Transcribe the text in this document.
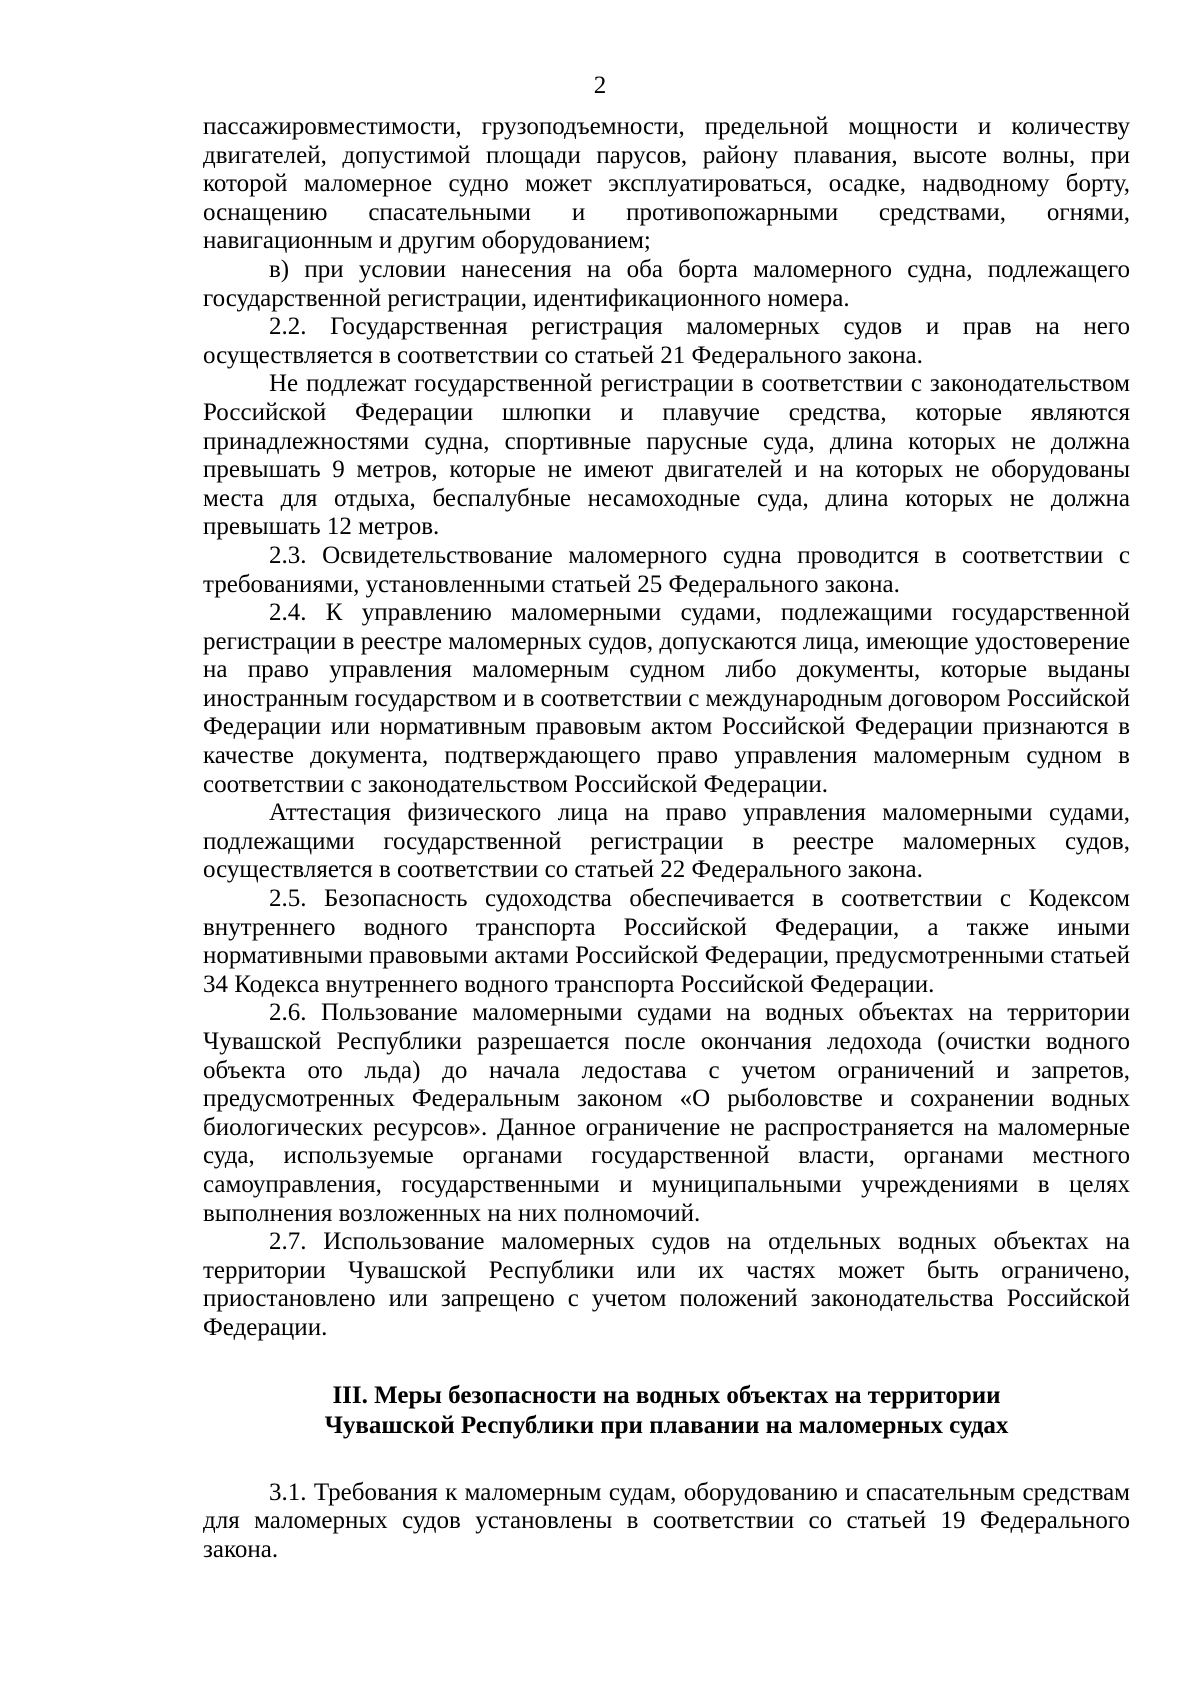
2

пассажировместимости, грузоподъемности, предельной мощности и количеству двигателей, допустимой площади парусов, району плавания, высоте волны, при которой маломерное судно может эксплуатироваться, осадке, надводному борту, оснащению спасательными и противопожарными средствами, огнями, навигационным и другим оборудованием;

в) при условии нанесения на оба борта маломерного судна, подлежащего государственной регистрации, идентификационного номера.

2.2. Государственная регистрация маломерных судов и прав на него осуществляется в соответствии со статьей 21 Федерального закона.

Не подлежат государственной регистрации в соответствии с законодательством Российской Федерации шлюпки и плавучие средства, которые являются принадлежностями судна, спортивные парусные суда, длина которых не должна превышать 9 метров, которые не имеют двигателей и на которых не оборудованы места для отдыха, беспалубные несамоходные суда, длина которых не должна превышать 12 метров.

2.3. Освидетельствование маломерного судна проводится в соответствии с требованиями, установленными статьей 25 Федерального закона.

2.4. К управлению маломерными судами, подлежащими государственной регистрации в реестре маломерных судов, допускаются лица, имеющие удостоверение на право управления маломерным судном либо документы, которые выданы иностранным государством и в соответствии с международным договором Российской Федерации или нормативным правовым актом Российской Федерации признаются в качестве документа, подтверждающего право управления маломерным судном в соответствии с законодательством Российской Федерации.

Аттестация физического лица на право управления маломерными судами, подлежащими государственной регистрации в реестре маломерных судов, осуществляется в соответствии со статьей 22 Федерального закона.

2.5. Безопасность судоходства обеспечивается в соответствии с Кодексом внутреннего водного транспорта Российской Федерации, а также иными нормативными правовыми актами Российской Федерации, предусмотренными статьей 34 Кодекса внутреннего водного транспорта Российской Федерации.

2.6. Пользование маломерными судами на водных объектах на территории Чувашской Республики разрешается после окончания ледохода (очистки водного объекта ото льда) до начала ледостава с учетом ограничений и запретов, предусмотренных Федеральным законом «О рыболовстве и сохранении водных биологических ресурсов». Данное ограничение не распространяется на маломерные суда, используемые органами государственной власти, органами местного самоуправления, государственными и муниципальными учреждениями в целях выполнения возложенных на них полномочий.

2.7. Использование маломерных судов на отдельных водных объектах на территории Чувашской Республики или их частях может быть ограничено, приостановлено или запрещено с учетом положений законодательства Российской Федерации.

III. Меры безопасности на водных объектах на территории
Чувашской Республики при плавании на маломерных судах

3.1. Требования к маломерным судам, оборудованию и спасательным средствам для маломерных судов установлены в соответствии со статьей 19 Федерального закона.
